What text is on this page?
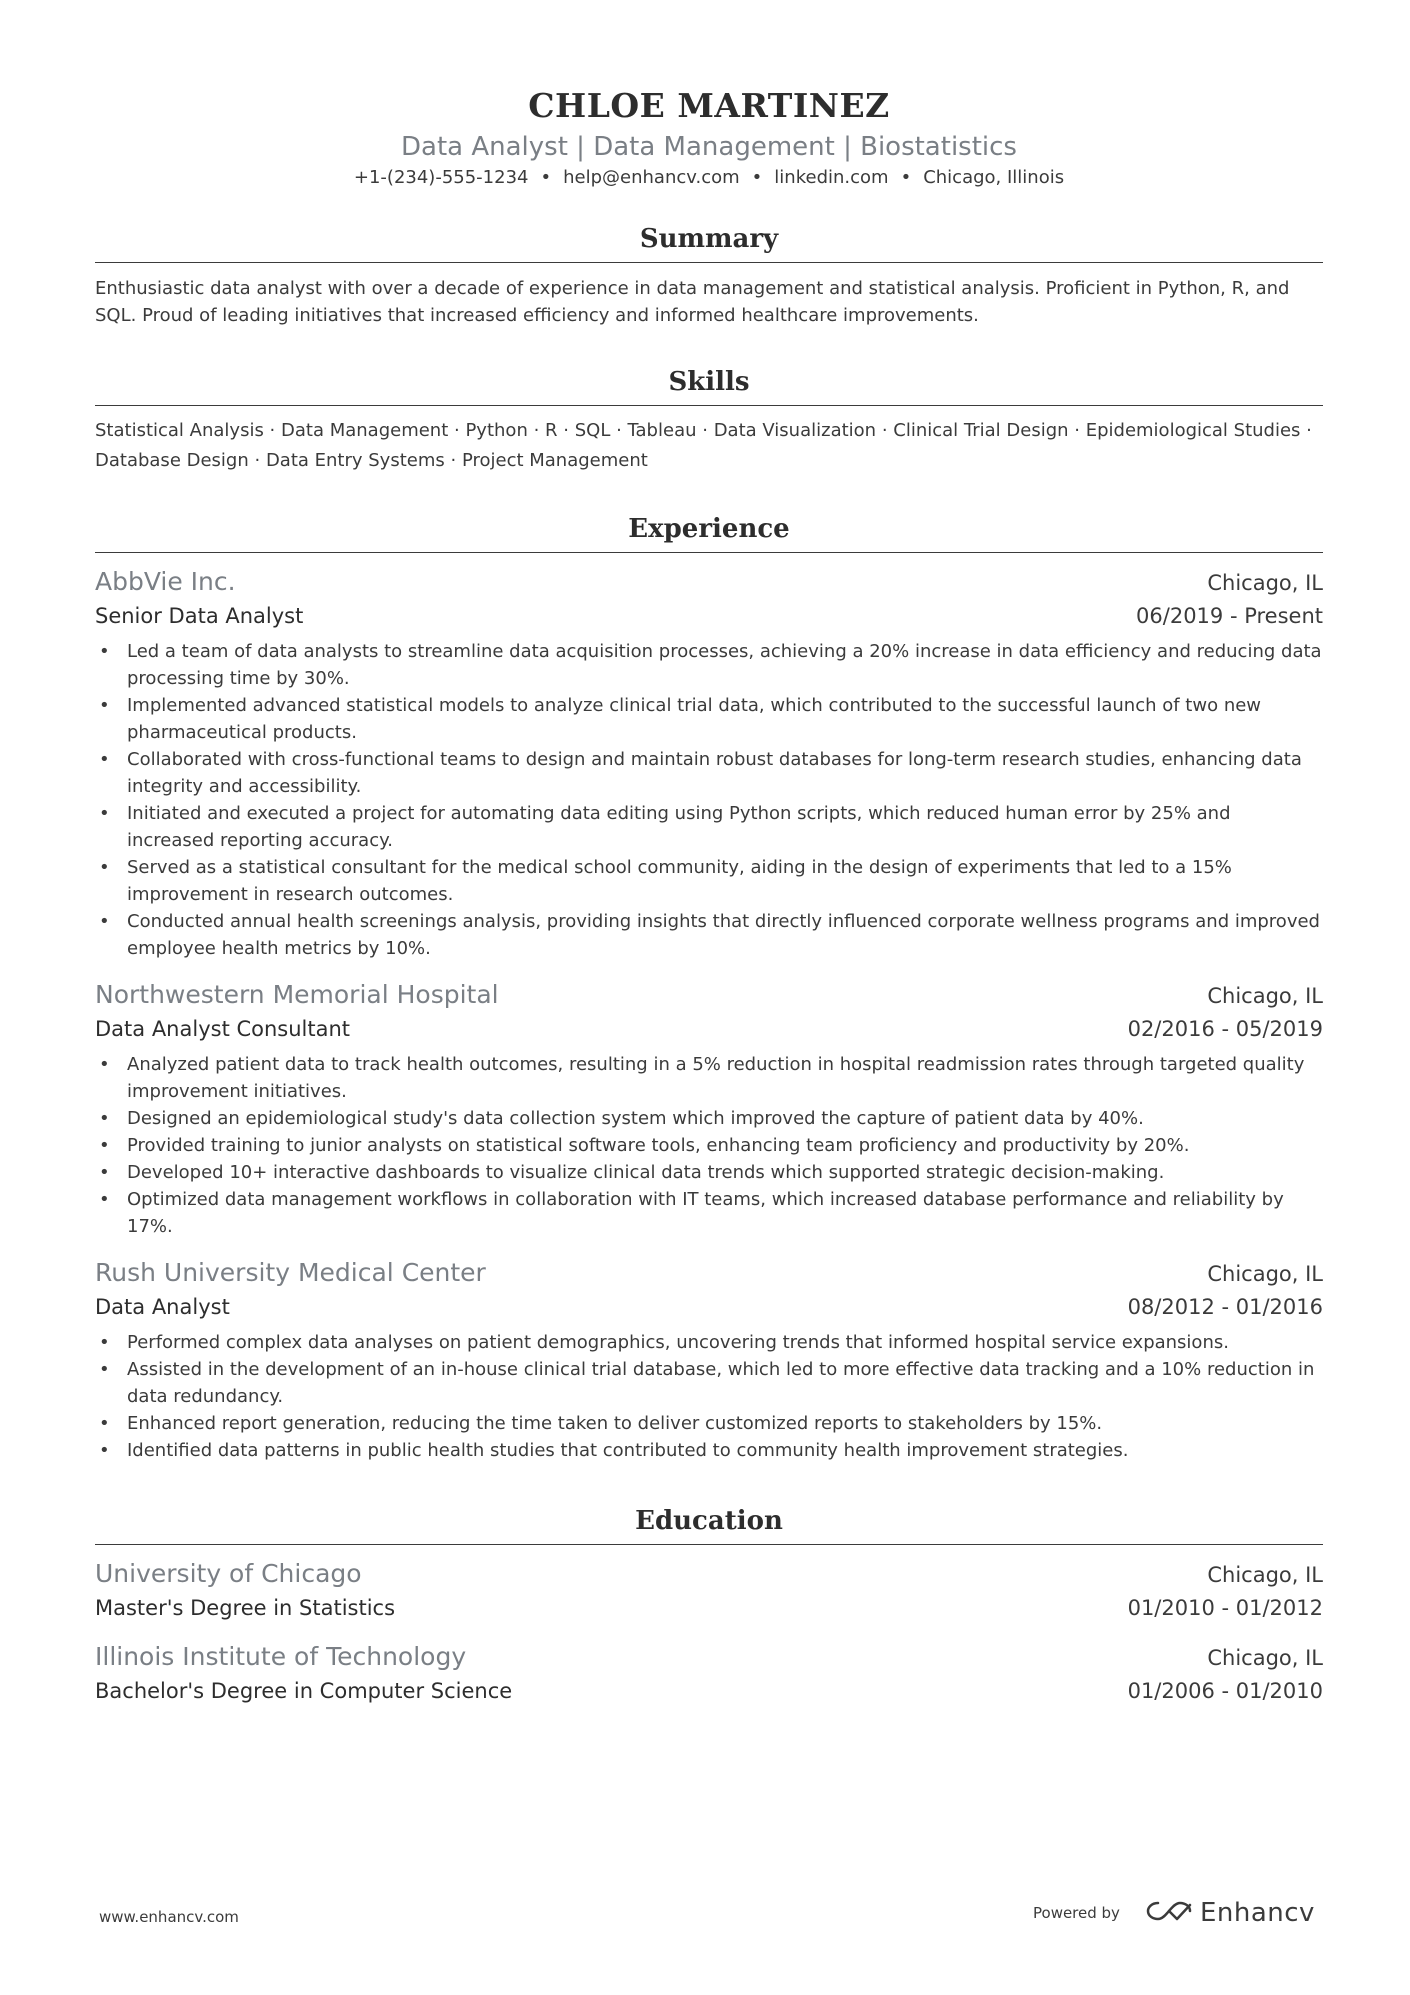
CHLOE MARTINEZ
Data Analyst | Data Management | Biostatistics
+1-(234)-555-1234 • help@enhancv.com • linkedin.com • Chicago, Illinois
Summary
Enthusiastic data analyst with over a decade of experience in data management and statistical analysis. Proficient in Python, R, and SQL. Proud of leading initiatives that increased efficiency and informed healthcare improvements.
Skills
Statistical Analysis · Data Management · Python · R · SQL · Tableau · Data Visualization · Clinical Trial Design · Epidemiological Studies · Database Design · Data Entry Systems · Project Management
Experience
AbbVie Inc.	Chicago, IL
Senior Data Analyst	06/2019 - Present
• Led a team of data analysts to streamline data acquisition processes, achieving a 20% increase in data efficiency and reducing data processing time by 30%.
• Implemented advanced statistical models to analyze clinical trial data, which contributed to the successful launch of two new pharmaceutical products.
• Collaborated with cross-functional teams to design and maintain robust databases for long-term research studies, enhancing data integrity and accessibility.
• Initiated and executed a project for automating data editing using Python scripts, which reduced human error by 25% and increased reporting accuracy.
• Served as a statistical consultant for the medical school community, aiding in the design of experiments that led to a 15% improvement in research outcomes.
• Conducted annual health screenings analysis, providing insights that directly influenced corporate wellness programs and improved employee health metrics by 10%.
Northwestern Memorial Hospital	Chicago, IL
Data Analyst Consultant	02/2016 - 05/2019
• Analyzed patient data to track health outcomes, resulting in a 5% reduction in hospital readmission rates through targeted quality improvement initiatives.
• Designed an epidemiological study's data collection system which improved the capture of patient data by 40%.
• Provided training to junior analysts on statistical software tools, enhancing team proficiency and productivity by 20%.
• Developed 10+ interactive dashboards to visualize clinical data trends which supported strategic decision-making.
• Optimized data management workflows in collaboration with IT teams, which increased database performance and reliability by 17%.
Rush University Medical Center	Chicago, IL
Data Analyst	08/2012 - 01/2016
• Performed complex data analyses on patient demographics, uncovering trends that informed hospital service expansions.
• Assisted in the development of an in-house clinical trial database, which led to more effective data tracking and a 10% reduction in data redundancy.
• Enhanced report generation, reducing the time taken to deliver customized reports to stakeholders by 15%.
• Identified data patterns in public health studies that contributed to community health improvement strategies.
Education
University of Chicago	Chicago, IL
Master's Degree in Statistics	01/2010 - 01/2012
Illinois Institute of Technology	Chicago, IL
Bachelor's Degree in Computer Science	01/2006 - 01/2010
www.enhancv.com	Powered by	Enhancv
